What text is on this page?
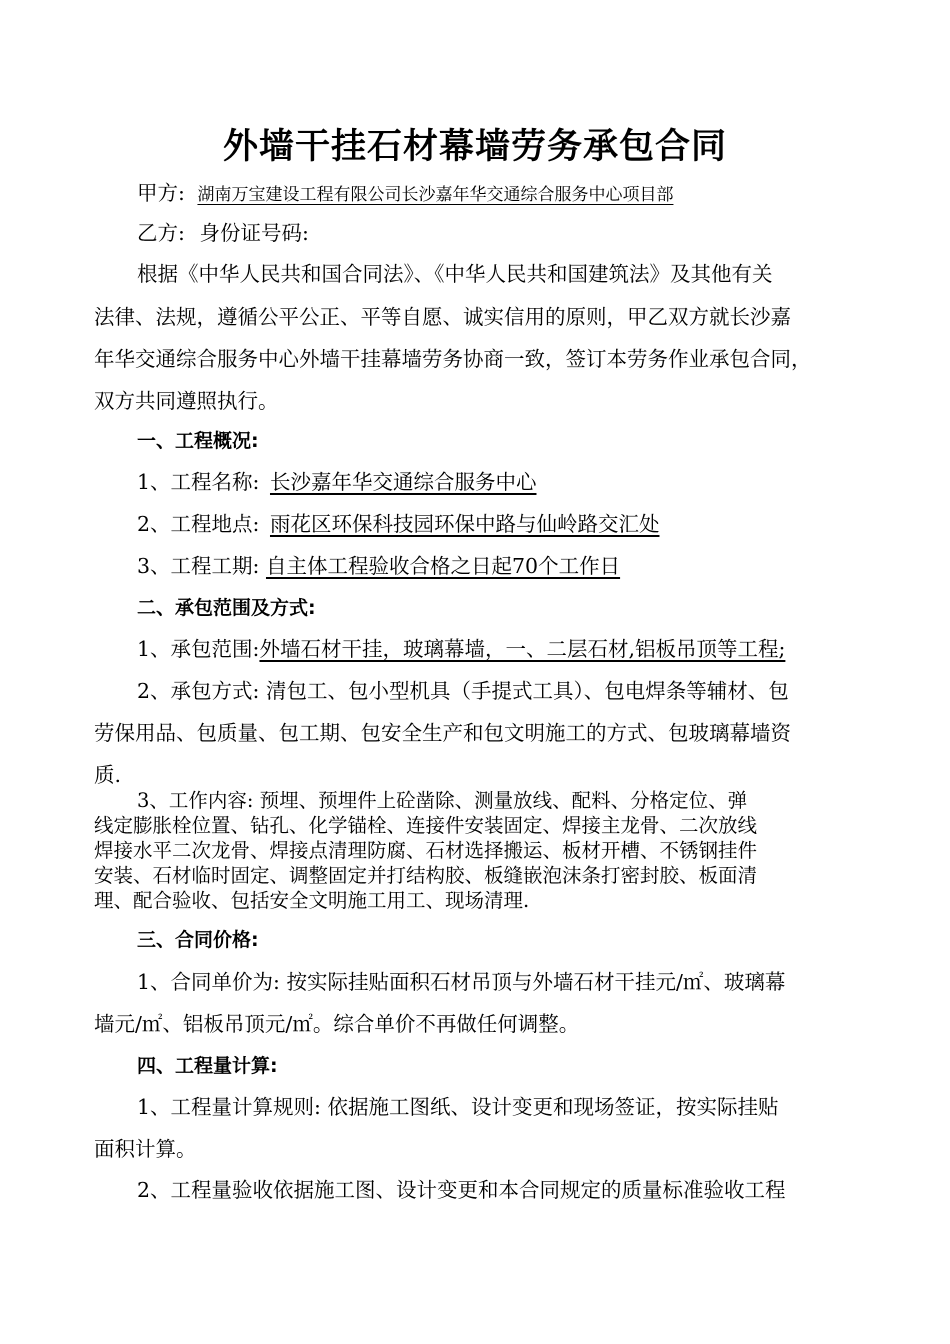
外墙干挂石材幕墙劳务承包合同
甲方: 湖南万宝建设工程有限公司长沙嘉年华交通综合服务中心项目部
乙方: 身份证号码:
根据《中华人民共和国合同法》、《中华人民共和国建筑法》及其他有关
法律、法规，遵循公平公正、平等自愿、诚实信用的原则，甲乙双方就长沙嘉
年华交通综合服务中心外墙干挂幕墙劳务协商一致，签订本劳务作业承包合同，
双方共同遵照执行。
一、工程概况:
1、工程名称: 长沙嘉年华交通综合服务中心
2、工程地点: 雨花区环保科技园环保中路与仙岭路交汇处
3、工程工期: 自主体工程验收合格之日起70个工作日
二、承包范围及方式:
1、承包范围:外墙石材干挂，玻璃幕墙，一、二层石材,铝板吊顶等工程;
2、承包方式: 清包工、包小型机具（手提式工具）、包电焊条等辅材、包
劳保用品、包质量、包工期、包安全生产和包文明施工的方式、包玻璃幕墙资
质.
3、工作内容: 预埋、预埋件上砼凿除、测量放线、配料、分格定位、弹
线定膨胀栓位置、钻孔、化学锚栓、连接件安装固定、焊接主龙骨、二次放线
焊接水平二次龙骨、焊接点清理防腐、石材选择搬运、板材开槽、不锈钢挂件
安装、石材临时固定、调整固定并打结构胶、板缝嵌泡沫条打密封胶、板面清
理、配合验收、包括安全文明施工用工、现场清理.
三、合同价格:
1、合同单价为: 按实际挂贴面积石材吊顶与外墙石材干挂元/㎡、玻璃幕
墙元/㎡、铝板吊顶元/㎡。综合单价不再做任何调整。
四、工程量计算:
1、工程量计算规则: 依据施工图纸、设计变更和现场签证，按实际挂贴
面积计算。
2、工程量验收依据施工图、设计变更和本合同规定的质量标准验收工程
